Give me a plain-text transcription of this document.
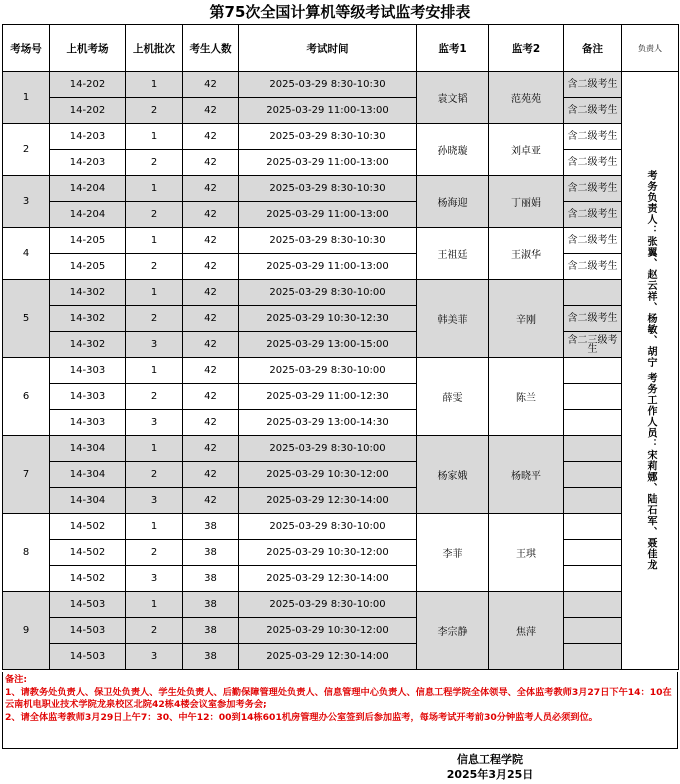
第75次全国计算机等级考试监考安排表
考场号	上机考场	上机批次	考生人数	考试时间	监考1	监考2	备注	负责人
1	14-202	1	42	2025-03-29 8:30-10:30	袁文韬	范苑苑	含二级考生	考务负责人：张翼、赵云祥、杨敏、胡宁 考务工作人员：宋莉娜、陆石军、聂佳龙
	14-202	2	42	2025-03-29 11:00-13:00			含二级考生	
2	14-203	1	42	2025-03-29 8:30-10:30	孙晓璇	刘卓亚	含二级考生	
	14-203	2	42	2025-03-29 11:00-13:00			含二级考生	
3	14-204	1	42	2025-03-29 8:30-10:30	杨海迎	丁丽娟	含二级考生	
	14-204	2	42	2025-03-29 11:00-13:00			含二级考生	
4	14-205	1	42	2025-03-29 8:30-10:30	王祖廷	王淑华	含二级考生	
	14-205	2	42	2025-03-29 11:00-13:00			含二级考生	
5	14-302	1	42	2025-03-29 8:30-10:00	韩美菲	辛刚		
	14-302	2	42	2025-03-29 10:30-12:30			含二级考生	
	14-302	3	42	2025-03-29 13:00-15:00			含二三级考生	
6	14-303	1	42	2025-03-29 8:30-10:00	薛雯	陈兰		
	14-303	2	42	2025-03-29 11:00-12:30				
	14-303	3	42	2025-03-29 13:00-14:30				
7	14-304	1	42	2025-03-29 8:30-10:00	杨家娥	杨晓平		
	14-304	2	42	2025-03-29 10:30-12:00				
	14-304	3	42	2025-03-29 12:30-14:00				
8	14-502	1	38	2025-03-29 8:30-10:00	李菲	王琪		
	14-502	2	38	2025-03-29 10:30-12:00				
	14-502	3	38	2025-03-29 12:30-14:00				
9	14-503	1	38	2025-03-29 8:30-10:00	李宗静	焦萍		
	14-503	2	38	2025-03-29 10:30-12:00				
	14-503	3	38	2025-03-29 12:30-14:00				
备注:
1、请教务处负责人、保卫处负责人、学生处负责人、后勤保障管理处负责人、信息管理中心负责人、信息工程学院全体领导、全体监考教师3月27日下午14：10在云南机电职业技术学院龙泉校区北院42栋4楼会议室参加考务会;
2、请全体监考教师3月29日上午7：30、中午12：00到14栋601机房管理办公室签到后参加监考，每场考试开考前30分钟监考人员必须到位。
信息工程学院
2025年3月25日
